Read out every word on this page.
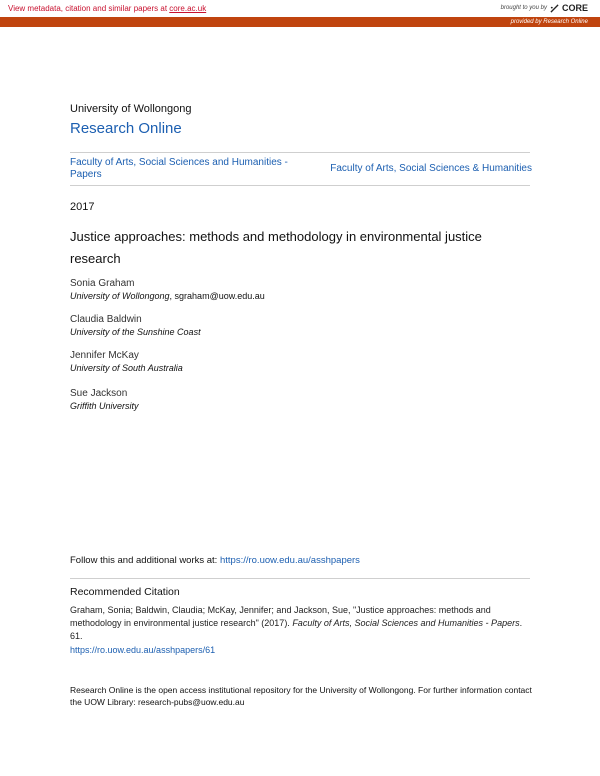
View metadata, citation and similar papers at core.ac.uk	brought to you by CORE
provided by Research Online
University of Wollongong
Research Online
Faculty of Arts, Social Sciences and Humanities - Papers
Faculty of Arts, Social Sciences & Humanities
2017
Justice approaches: methods and methodology in environmental justice research
Sonia Graham
University of Wollongong, sgraham@uow.edu.au
Claudia Baldwin
University of the Sunshine Coast
Jennifer McKay
University of South Australia
Sue Jackson
Griffith University
Follow this and additional works at: https://ro.uow.edu.au/asshpapers
Recommended Citation
Graham, Sonia; Baldwin, Claudia; McKay, Jennifer; and Jackson, Sue, "Justice approaches: methods and methodology in environmental justice research" (2017). Faculty of Arts, Social Sciences and Humanities - Papers. 61.
https://ro.uow.edu.au/asshpapers/61
Research Online is the open access institutional repository for the University of Wollongong. For further information contact the UOW Library: research-pubs@uow.edu.au
